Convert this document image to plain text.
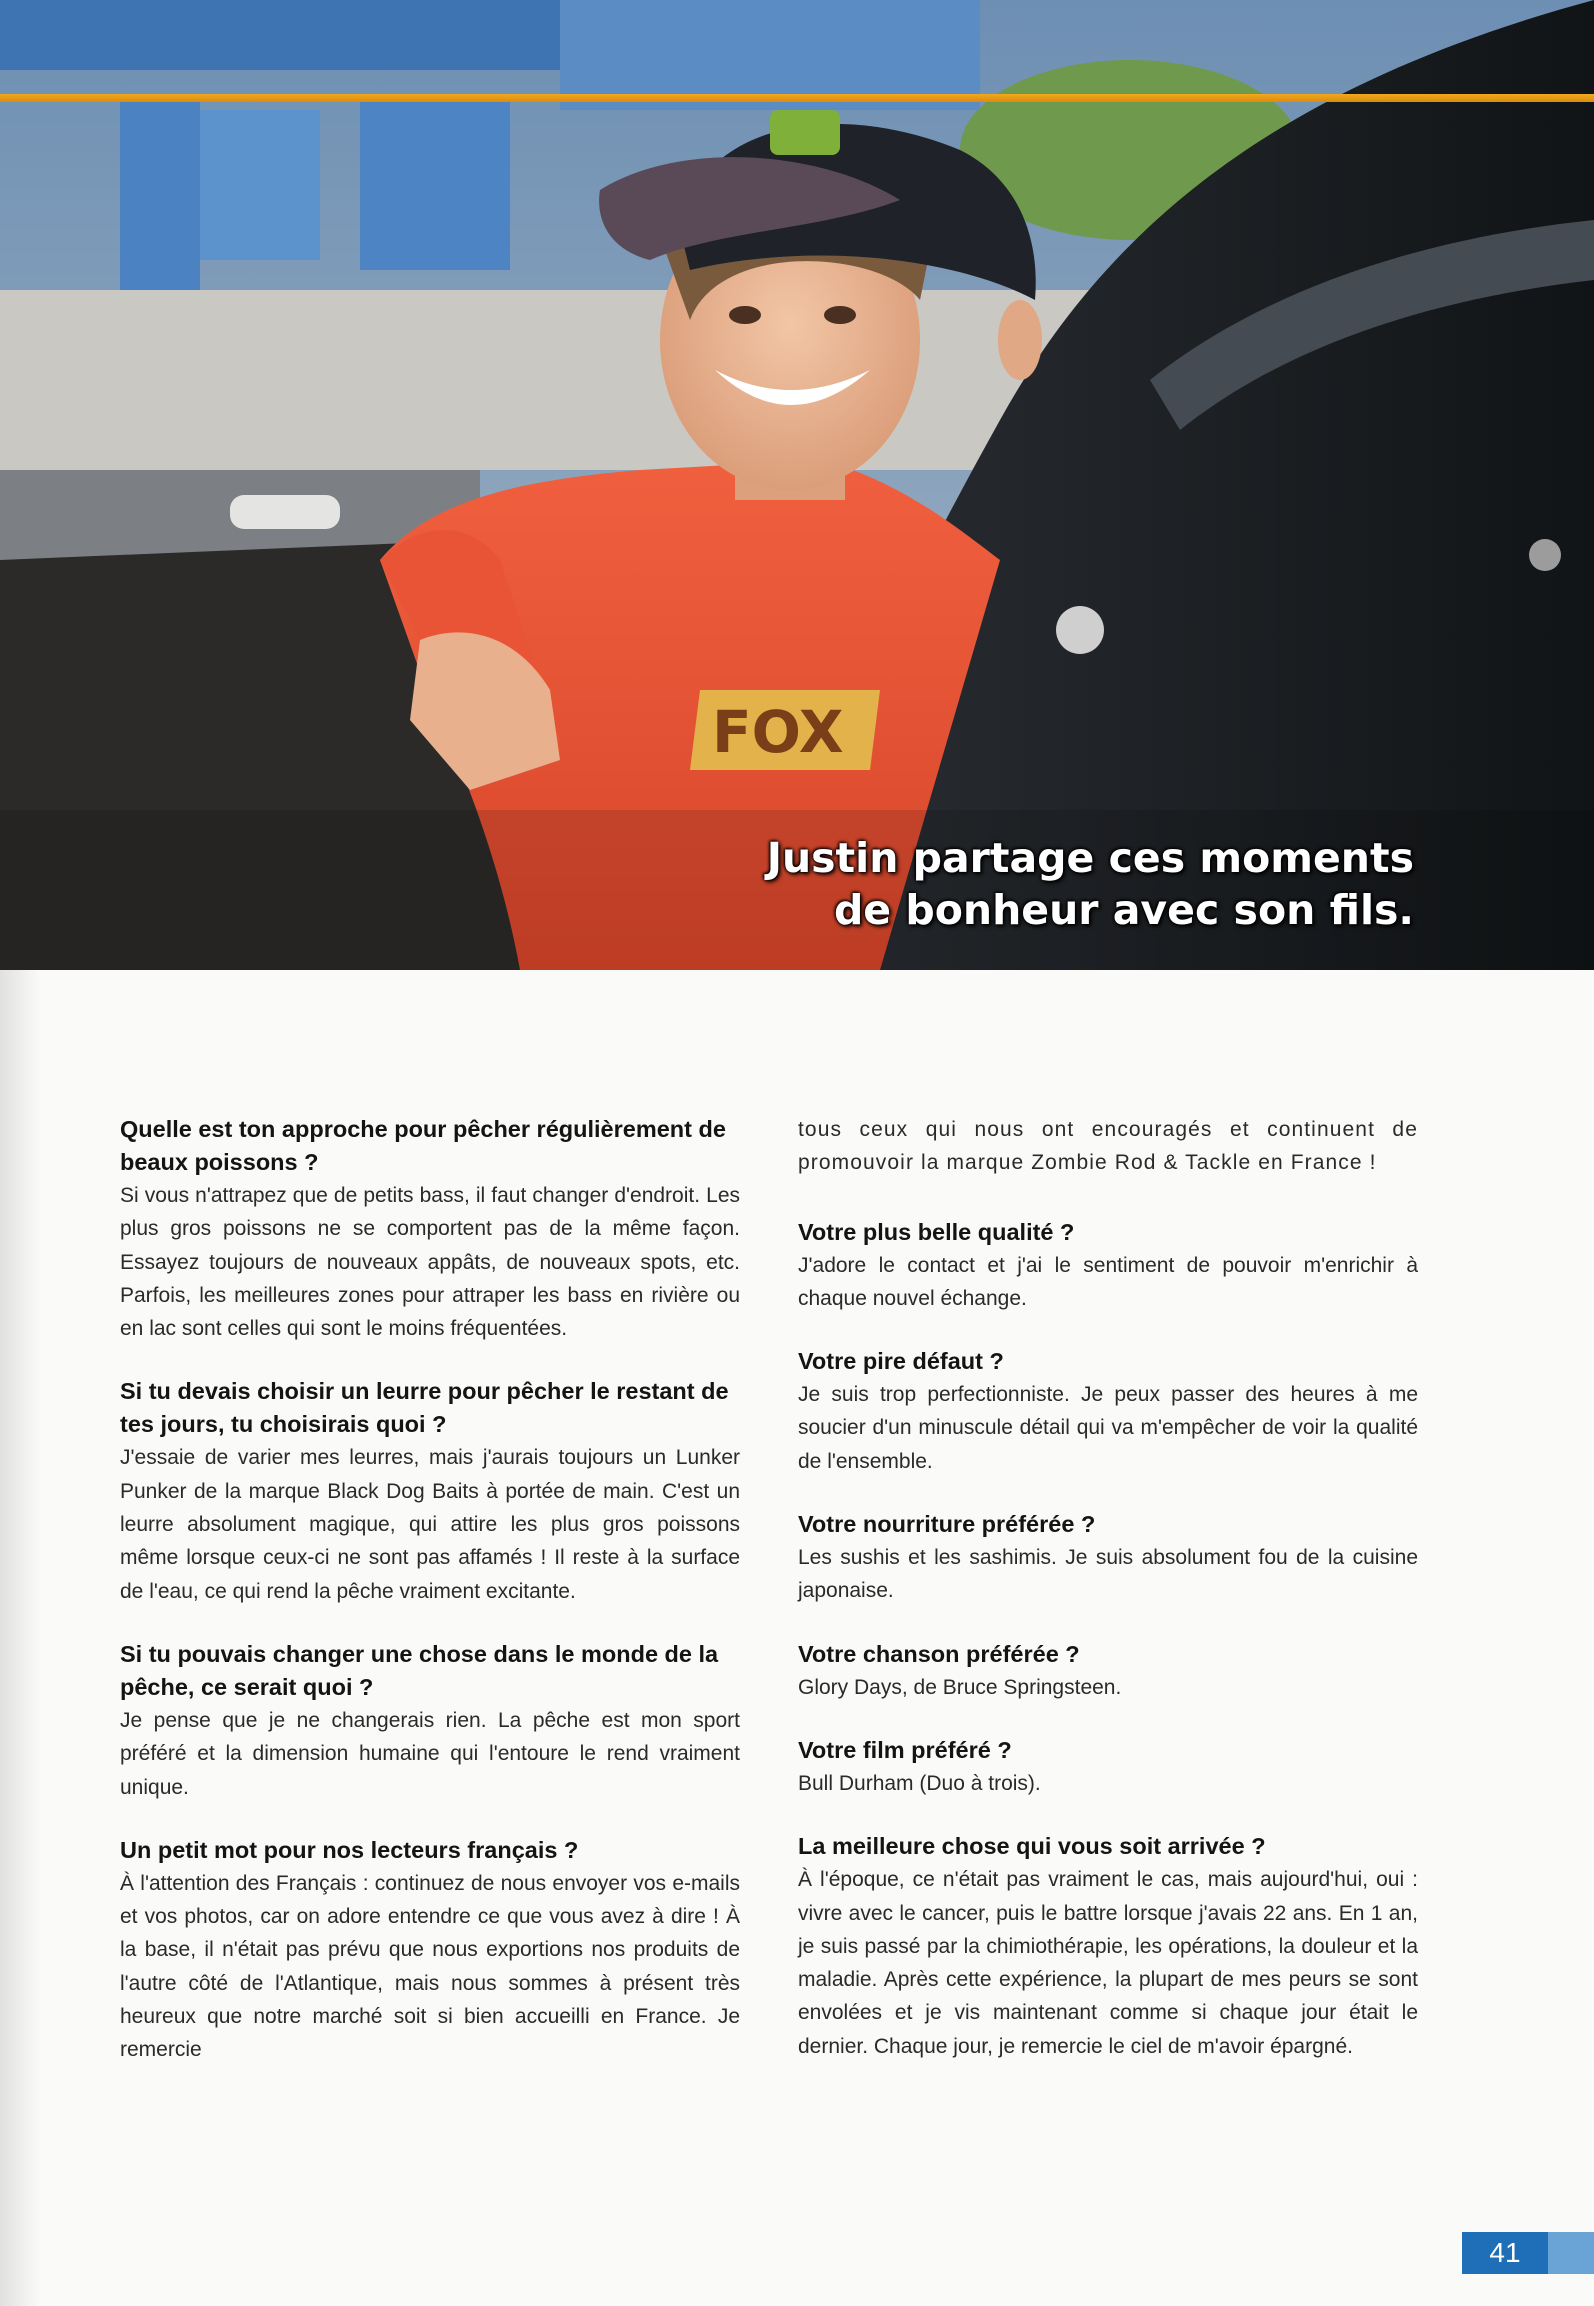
FOX
Justin partage ces moments
de bonheur avec son fils.

Quelle est ton approche pour pêcher régulièrement de beaux poissons ?

Si vous n'attrapez que de petits bass, il faut changer d'endroit. Les plus gros poissons ne se comportent pas de la même façon. Essayez toujours de nouveaux appâts, de nouveaux spots, etc. Parfois, les meilleures zones pour attraper les bass en rivière ou en lac sont celles qui sont le moins fréquentées.

Si tu devais choisir un leurre pour pêcher le restant de tes jours, tu choisirais quoi ?

J'essaie de varier mes leurres, mais j'aurais toujours un Lunker Punker de la marque Black Dog Baits à portée de main. C'est un leurre absolument magique, qui attire les plus gros poissons même lorsque ceux-ci ne sont pas affamés ! Il reste à la surface de l'eau, ce qui rend la pêche vraiment excitante.

Si tu pouvais changer une chose dans le monde de la pêche, ce serait quoi ?

Je pense que je ne changerais rien. La pêche est mon sport préféré et la dimension humaine qui l'entoure le rend vraiment unique.

Un petit mot pour nos lecteurs français ?

À l'attention des Français : continuez de nous envoyer vos e-mails et vos photos, car on adore entendre ce que vous avez à dire ! À la base, il n'était pas prévu que nous exportions nos produits de l'autre côté de l'Atlantique, mais nous sommes à présent très heureux que notre marché soit si bien accueilli en France. Je remercie

tous ceux qui nous ont encouragés et continuent de promouvoir la marque Zombie Rod & Tackle en France !

Votre plus belle qualité ?

J'adore le contact et j'ai le sentiment de pouvoir m'enrichir à chaque nouvel échange.

Votre pire défaut ?

Je suis trop perfectionniste. Je peux passer des heures à me soucier d'un minuscule détail qui va m'empêcher de voir la qualité de l'ensemble.

Votre nourriture préférée ?

Les sushis et les sashimis. Je suis absolument fou de la cuisine japonaise.

Votre chanson préférée ?

Glory Days, de Bruce Springsteen.

Votre film préféré ?

Bull Durham (Duo à trois).

La meilleure chose qui vous soit arrivée ?

À l'époque, ce n'était pas vraiment le cas, mais aujourd'hui, oui : vivre avec le cancer, puis le battre lorsque j'avais 22 ans. En 1 an, je suis passé par la chimiothérapie, les opérations, la douleur et la maladie. Après cette expérience, la plupart de mes peurs se sont envolées et je vis maintenant comme si chaque jour était le dernier. Chaque jour, je remercie le ciel de m'avoir épargné.

41
